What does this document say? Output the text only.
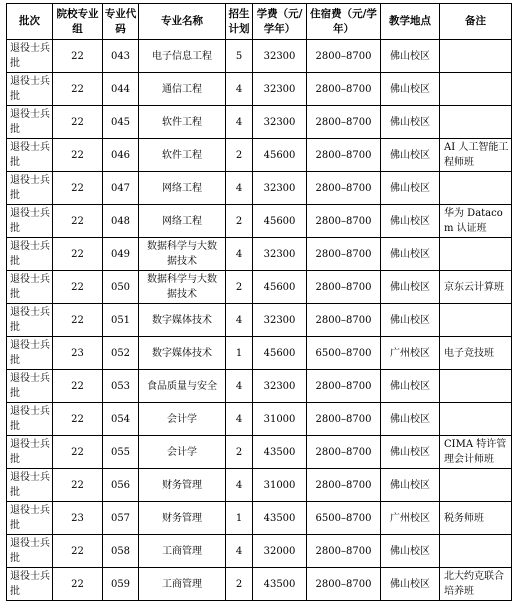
批次	院校专业组	专业代码	专业名称	招生计划	学费（元/学年）	住宿费（元/学年）	教学地点	备注
退役士兵批	22	043	电子信息工程	5	32300	2800–8700	佛山校区	
退役士兵批	22	044	通信工程	4	32300	2800–8700	佛山校区	
退役士兵批	22	045	软件工程	4	32300	2800–8700	佛山校区	
退役士兵批	22	046	软件工程	2	45600	2800–8700	佛山校区	AI 人工智能工程师班
退役士兵批	22	047	网络工程	4	32300	2800–8700	佛山校区	
退役士兵批	22	048	网络工程	2	45600	2800–8700	佛山校区	华为 Datacom 认证班
退役士兵批	22	049	数据科学与大数据技术	4	32300	2800–8700	佛山校区	
退役士兵批	22	050	数据科学与大数据技术	2	45600	2800–8700	佛山校区	京东云计算班
退役士兵批	22	051	数字媒体技术	4	32300	2800–8700	佛山校区	
退役士兵批	23	052	数字媒体技术	1	45600	6500–8700	广州校区	电子竞技班
退役士兵批	22	053	食品质量与安全	4	32300	2800–8700	佛山校区	
退役士兵批	22	054	会计学	4	31000	2800–8700	佛山校区	
退役士兵批	22	055	会计学	2	43500	2800–8700	佛山校区	CIMA 特许管理会计师班
退役士兵批	22	056	财务管理	4	31000	2800–8700	佛山校区	
退役士兵批	23	057	财务管理	1	43500	6500–8700	广州校区	税务师班
退役士兵批	22	058	工商管理	4	32000	2800–8700	佛山校区	
退役士兵批	22	059	工商管理	2	43500	2800–8700	佛山校区	北大约克联合培养班
